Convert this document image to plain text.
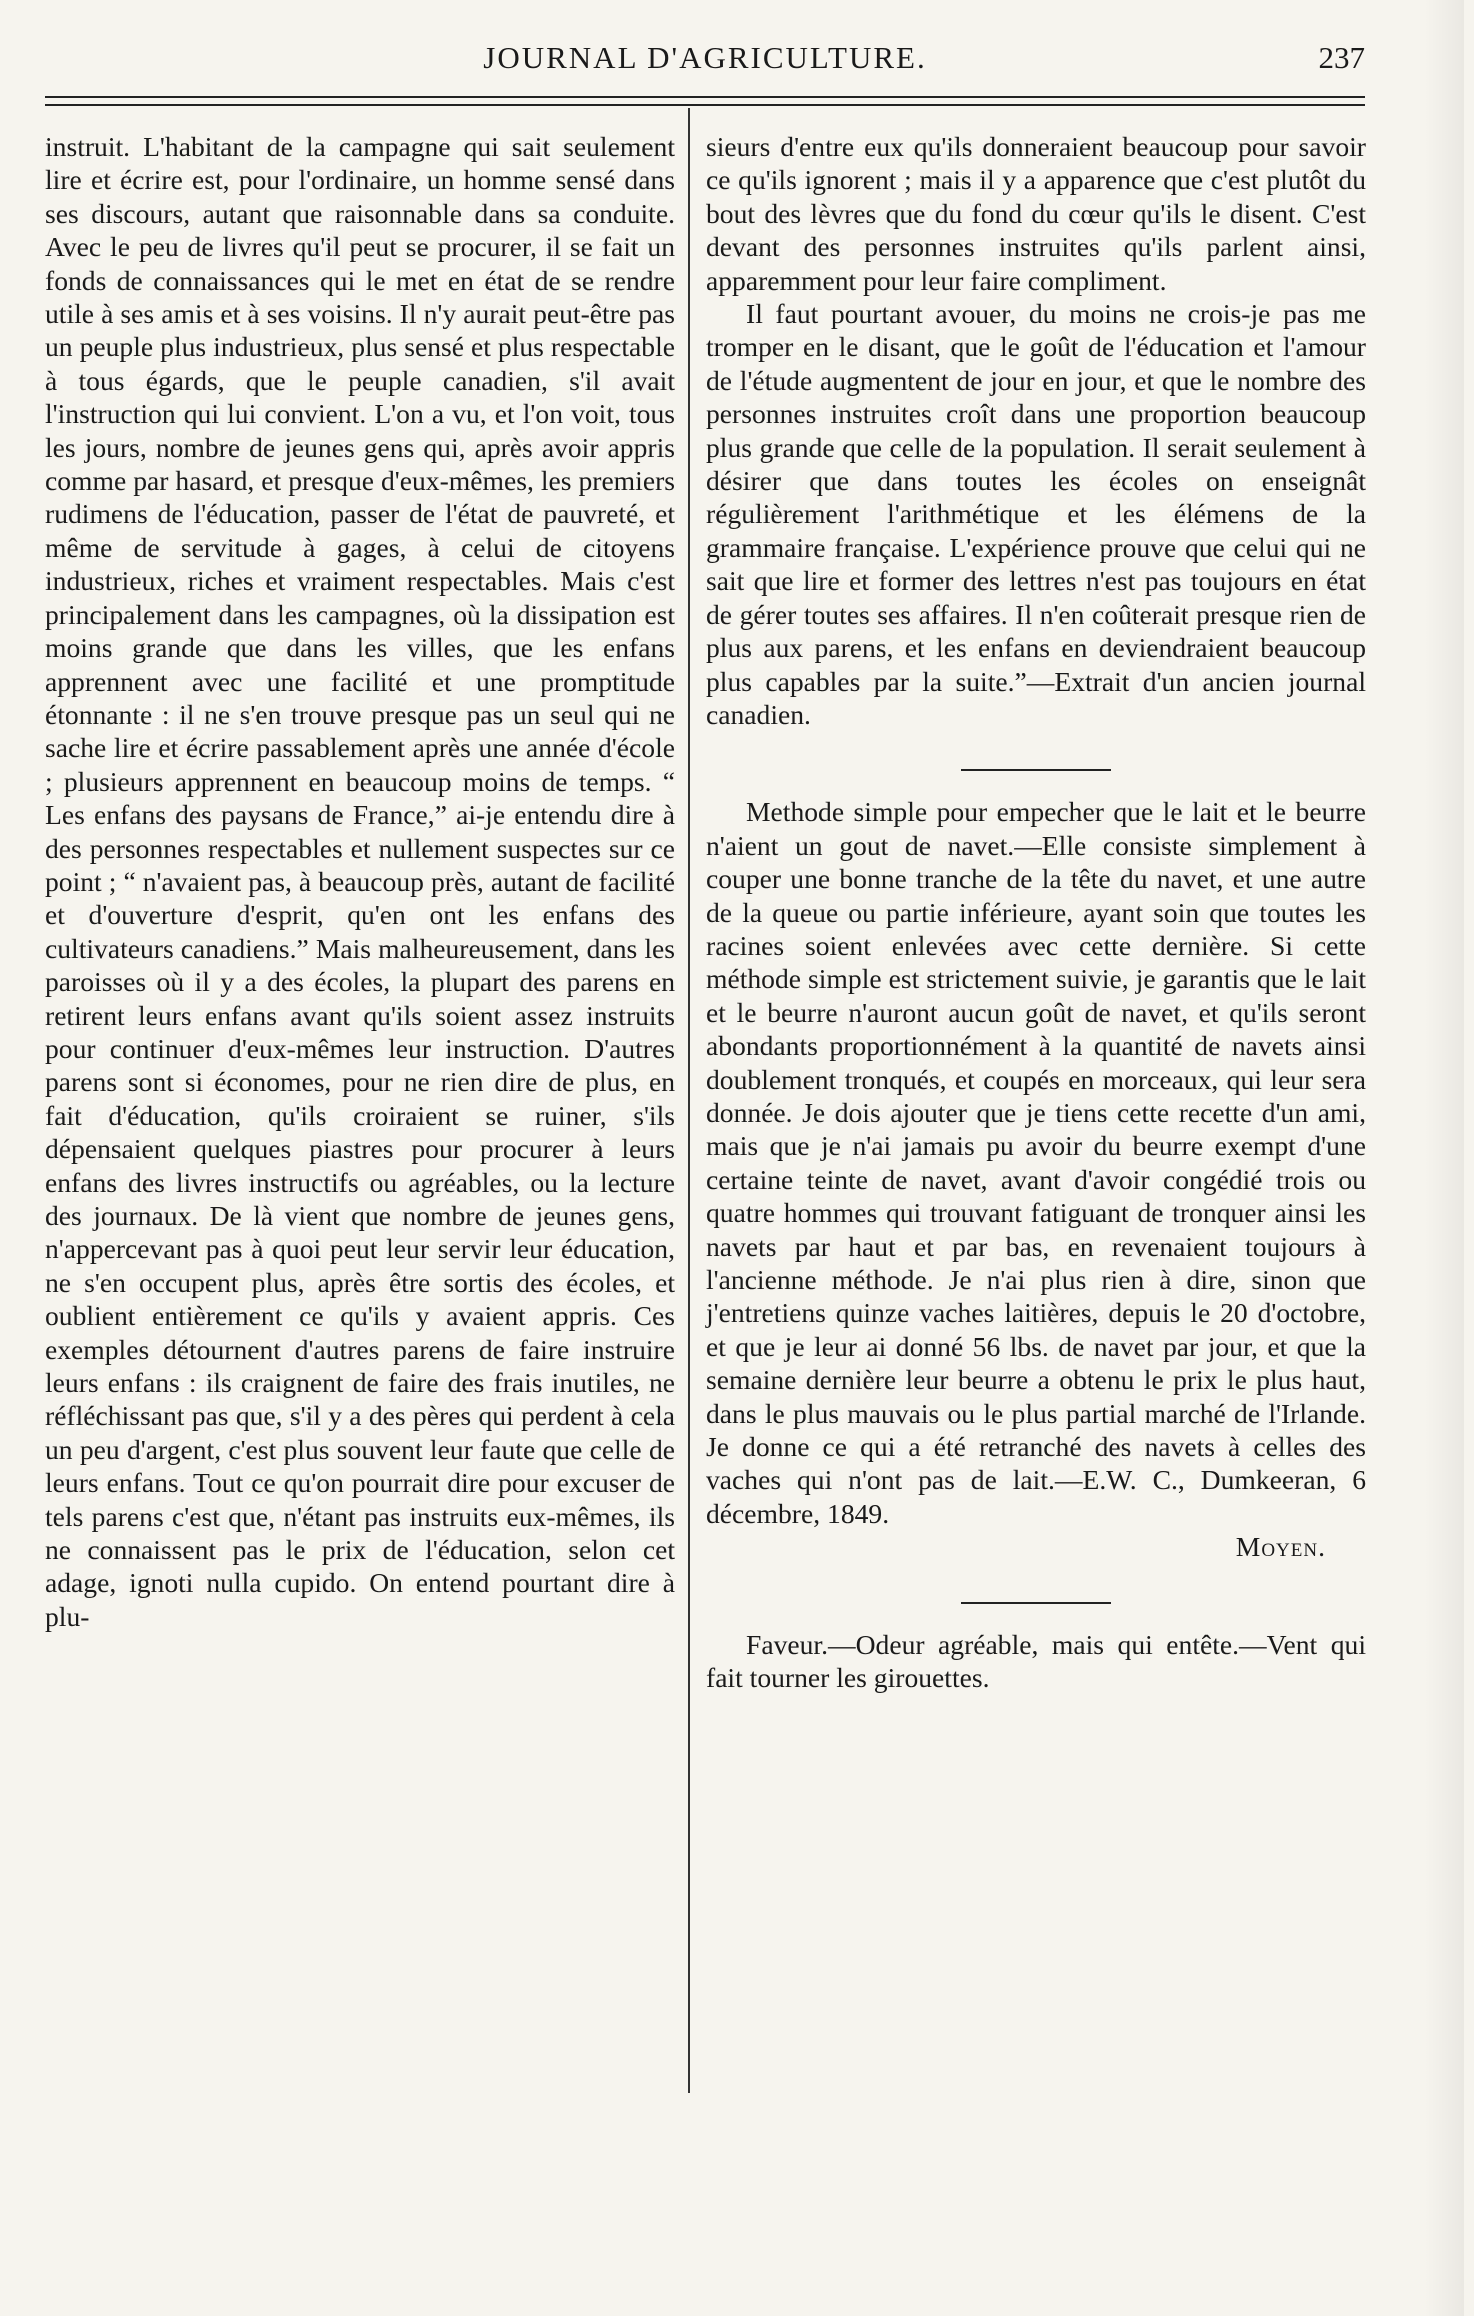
JOURNAL D'AGRICULTURE.	237

instruit. L'habitant de la campagne qui sait seulement lire et écrire est, pour l'ordinaire, un homme sensé dans ses discours, autant que raisonnable dans sa conduite. Avec le peu de livres qu'il peut se procurer, il se fait un fonds de connaissances qui le met en état de se rendre utile à ses amis et à ses voisins. Il n'y aurait peut-être pas un peuple plus industrieux, plus sensé et plus respectable à tous égards, que le peuple canadien, s'il avait l'instruction qui lui convient. L'on a vu, et l'on voit, tous les jours, nombre de jeunes gens qui, après avoir appris comme par hasard, et presque d'eux-mêmes, les premiers rudimens de l'éducation, passer de l'état de pauvreté, et même de servitude à gages, à celui de citoyens industrieux, riches et vraiment respectables. Mais c'est principalement dans les campagnes, où la dissipation est moins grande que dans les villes, que les enfans apprennent avec une facilité et une promptitude étonnante : il ne s'en trouve presque pas un seul qui ne sache lire et écrire passablement après une année d'école ; plusieurs apprennent en beaucoup moins de temps. “ Les enfans des paysans de France,” ai-je entendu dire à des personnes respectables et nullement suspectes sur ce point ; “ n'avaient pas, à beaucoup près, autant de facilité et d'ouverture d'esprit, qu'en ont les enfans des cultivateurs canadiens.” Mais malheureusement, dans les paroisses où il y a des écoles, la plupart des parens en retirent leurs enfans avant qu'ils soient assez instruits pour continuer d'eux-mêmes leur instruction. D'autres parens sont si économes, pour ne rien dire de plus, en fait d'éducation, qu'ils croiraient se ruiner, s'ils dépensaient quelques piastres pour procurer à leurs enfans des livres instructifs ou agréables, ou la lecture des journaux. De là vient que nombre de jeunes gens, n'appercevant pas à quoi peut leur servir leur éducation, ne s'en occupent plus, après être sortis des écoles, et oublient entièrement ce qu'ils y avaient appris. Ces exemples détournent d'autres parens de faire instruire leurs enfans : ils craignent de faire des frais inutiles, ne réfléchissant pas que, s'il y a des pères qui perdent à cela un peu d'argent, c'est plus souvent leur faute que celle de leurs enfans. Tout ce qu'on pourrait dire pour excuser de tels parens c'est que, n'étant pas instruits eux-mêmes, ils ne connaissent pas le prix de l'éducation, selon cet adage, ignoti nulla cupido. On entend pourtant dire à plu-

sieurs d'entre eux qu'ils donneraient beaucoup pour savoir ce qu'ils ignorent ; mais il y a apparence que c'est plutôt du bout des lèvres que du fond du cœur qu'ils le disent. C'est devant des personnes instruites qu'ils parlent ainsi, apparemment pour leur faire compliment.

Il faut pourtant avouer, du moins ne crois-je pas me tromper en le disant, que le goût de l'éducation et l'amour de l'étude augmentent de jour en jour, et que le nombre des personnes instruites croît dans une proportion beaucoup plus grande que celle de la population. Il serait seulement à désirer que dans toutes les écoles on enseignât régulièrement l'arithmétique et les élémens de la grammaire française. L'expérience prouve que celui qui ne sait que lire et former des lettres n'est pas toujours en état de gérer toutes ses affaires. Il n'en coûterait presque rien de plus aux parens, et les enfans en deviendraient beaucoup plus capables par la suite.”—Extrait d'un ancien journal canadien.

Methode simple pour empecher que le lait et le beurre n'aient un gout de navet.—Elle consiste simplement à couper une bonne tranche de la tête du navet, et une autre de la queue ou partie inférieure, ayant soin que toutes les racines soient enlevées avec cette dernière. Si cette méthode simple est strictement suivie, je garantis que le lait et le beurre n'auront aucun goût de navet, et qu'ils seront abondants proportionnément à la quantité de navets ainsi doublement tronqués, et coupés en morceaux, qui leur sera donnée. Je dois ajouter que je tiens cette recette d'un ami, mais que je n'ai jamais pu avoir du beurre exempt d'une certaine teinte de navet, avant d'avoir congédié trois ou quatre hommes qui trouvant fatiguant de tronquer ainsi les navets par haut et par bas, en revenaient toujours à l'ancienne méthode. Je n'ai plus rien à dire, sinon que j'entretiens quinze vaches laitières, depuis le 20 d'octobre, et que je leur ai donné 56 lbs. de navet par jour, et que la semaine dernière leur beurre a obtenu le prix le plus haut, dans le plus mauvais ou le plus partial marché de l'Irlande. Je donne ce qui a été retranché des navets à celles des vaches qui n'ont pas de lait.—E.W. C., Dumkeeran, 6 décembre, 1849.

Moyen.

Faveur.—Odeur agréable, mais qui entête.—Vent qui fait tourner les girouettes.
